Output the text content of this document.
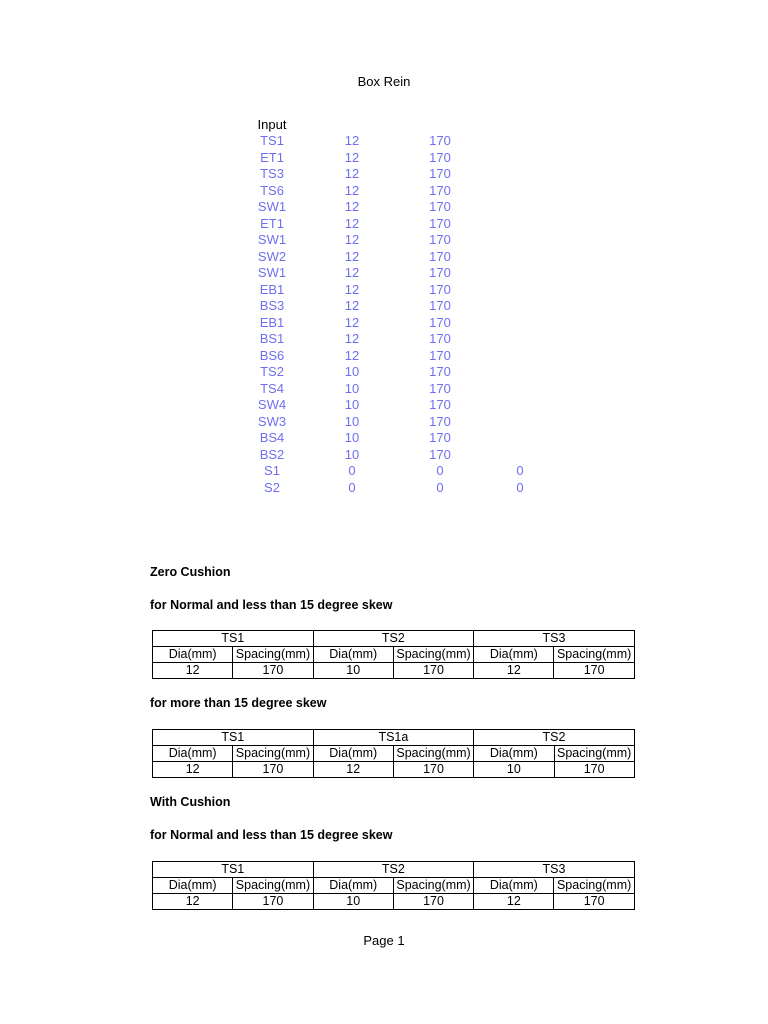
Box Rein
Input
TS1	12	170
ET1	12	170
TS3	12	170
TS6	12	170
SW1	12	170
ET1	12	170
SW1	12	170
SW2	12	170
SW1	12	170
EB1	12	170
BS3	12	170
EB1	12	170
BS1	12	170
BS6	12	170
TS2	10	170
TS4	10	170
SW4	10	170
SW3	10	170
BS4	10	170
BS2	10	170
S1	0	0	0
S2	0	0	0
Zero Cushion
for Normal and less than 15 degree skew
TS1		TS2		TS3	
Dia(mm)	Spacing(mm)	Dia(mm)	Spacing(mm)	Dia(mm)	Spacing(mm)
12	170	10	170	12	170
for more than 15 degree skew
TS1		TS1a		TS2	
Dia(mm)	Spacing(mm)	Dia(mm)	Spacing(mm)	Dia(mm)	Spacing(mm)
12	170	12	170	10	170
With Cushion
for Normal and less than 15 degree skew
TS1		TS2		TS3	
Dia(mm)	Spacing(mm)	Dia(mm)	Spacing(mm)	Dia(mm)	Spacing(mm)
12	170	10	170	12	170
Page 1
